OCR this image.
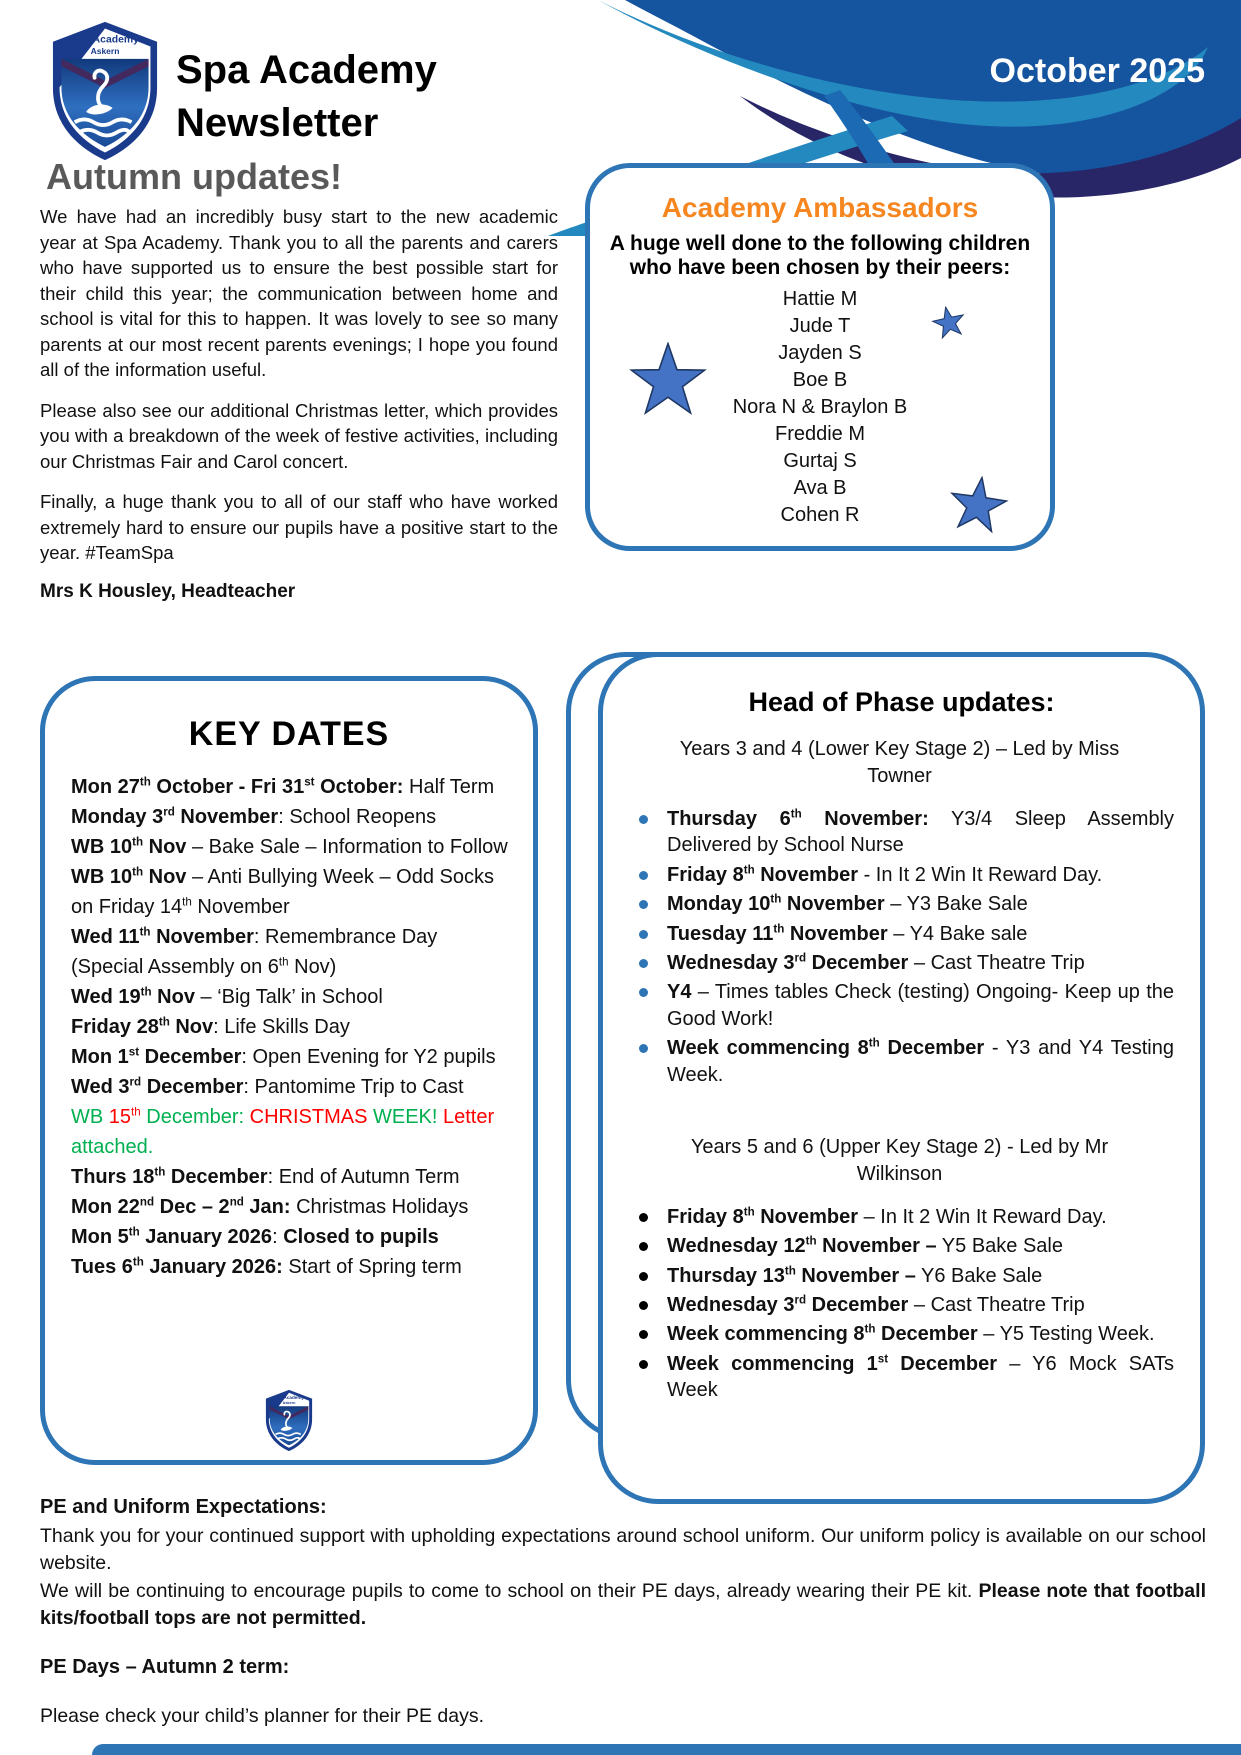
October 2025
Spa Academy
Newsletter
Autumn updates!
We have had an incredibly busy start to the new academic year at Spa Academy. Thank you to all the parents and carers who have supported us to ensure the best possible start for their child this year; the communication between home and school is vital for this to happen. It was lovely to see so many parents at our most recent parents evenings; I hope you found all of the information useful.
Please also see our additional Christmas letter, which provides you with a breakdown of the week of festive activities, including our Christmas Fair and Carol concert.
Finally, a huge thank you to all of our staff who have worked extremely hard to ensure our pupils have a positive start to the year. #TeamSpa
Mrs K Housley, Headteacher
Academy Ambassadors
A huge well done to the following children who have been chosen by their peers:
Hattie M
Jude T
Jayden S
Boe B
Nora N & Braylon B
Freddie M
Gurtaj S
Ava B
Cohen R
KEY DATES
Mon 27th October - Fri 31st October: Half Term
Monday 3rd November: School Reopens
WB 10th Nov – Bake Sale – Information to Follow
WB 10th Nov – Anti Bullying Week – Odd Socks on Friday 14th November
Wed 11th November: Remembrance Day (Special Assembly on 6th Nov)
Wed 19th Nov – ‘Big Talk’ in School
Friday 28th Nov: Life Skills Day
Mon 1st December: Open Evening for Y2 pupils
Wed 3rd December: Pantomime Trip to Cast
WB 15th December: CHRISTMAS WEEK! Letter attached.
Thurs 18th December: End of Autumn Term
Mon 22nd Dec – 2nd Jan: Christmas Holidays
Mon 5th January 2026: Closed to pupils
Tues 6th January 2026: Start of Spring term
Head of Phase updates:
Years 3 and 4 (Lower Key Stage 2) – Led by Miss Towner
Thursday 6th November: Y3/4 Sleep Assembly Delivered by School Nurse
Friday 8th November - In It 2 Win It Reward Day.
Monday 10th November – Y3 Bake Sale
Tuesday 11th November – Y4 Bake sale
Wednesday 3rd December – Cast Theatre Trip
Y4 – Times tables Check (testing) Ongoing- Keep up the Good Work!
Week commencing 8th December - Y3 and Y4 Testing Week.
Years 5 and 6 (Upper Key Stage 2) - Led by Mr Wilkinson
Friday 8th November – In It 2 Win It Reward Day.
Wednesday 12th November – Y5 Bake Sale
Thursday 13th November – Y6 Bake Sale
Wednesday 3rd December – Cast Theatre Trip
Week commencing 8th December – Y5 Testing Week.
Week commencing 1st December – Y6 Mock SATs Week
PE and Uniform Expectations:
Thank you for your continued support with upholding expectations around school uniform. Our uniform policy is available on our school website.
We will be continuing to encourage pupils to come to school on their PE days, already wearing their PE kit. Please note that football kits/football tops are not permitted.
PE Days – Autumn 2 term:
Please check your child’s planner for their PE days.
